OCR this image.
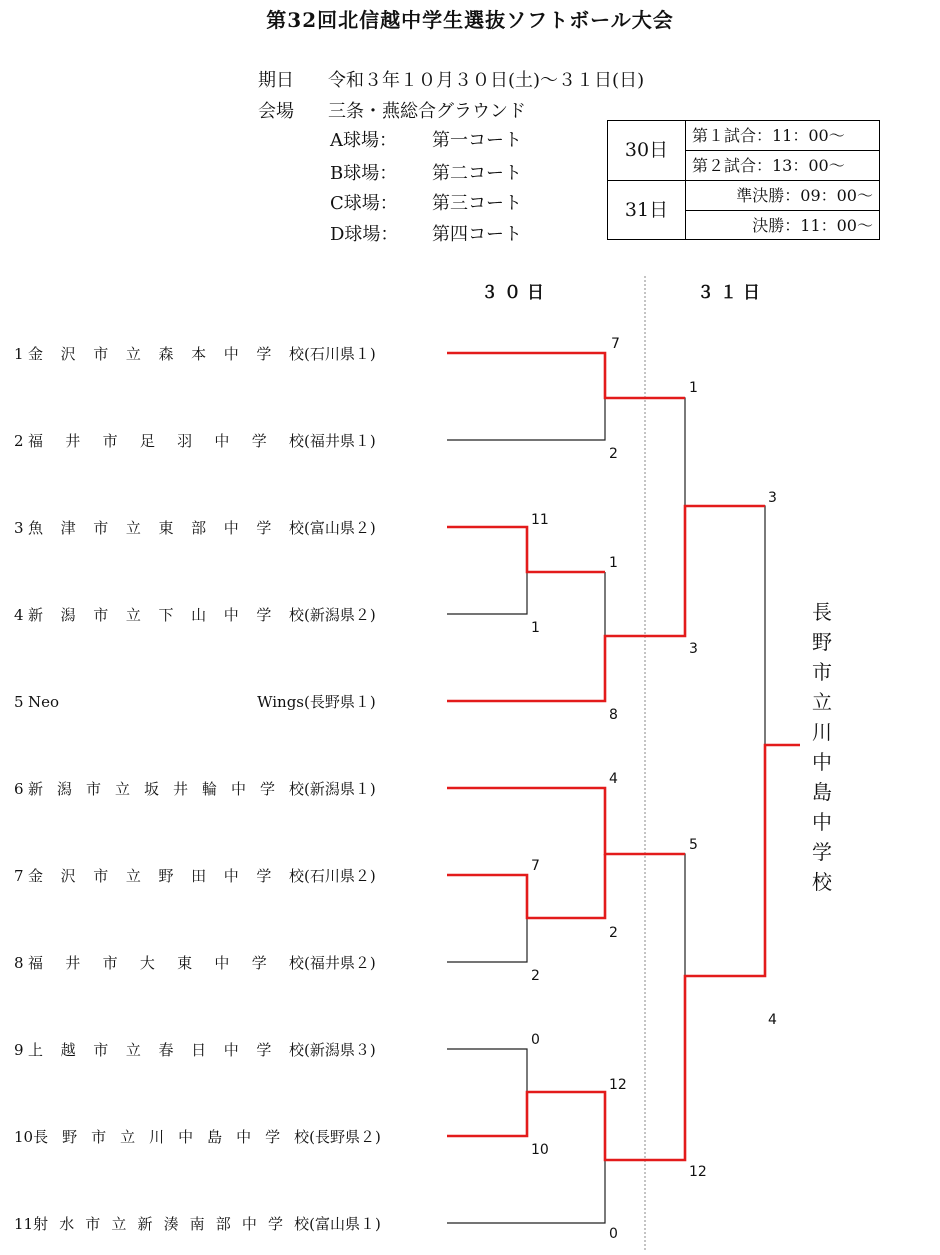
第32回北信越中学生選抜ソフトボール大会
期日 令和３年１０月３０日(土)～３１日(日)
会場 三条・燕総合グラウンド
A球場： 第一コート
B球場： 第二コート
C球場： 第三コート
D球場： 第四コート
30日
第１試合：11：00～
第２試合：13：00～
31日
準決勝：09：00～
決勝：11：00～
３０日	３１日
1 金沢市立森本中学校(石川県１)
2 福井市足羽中学校(福井県１)
3 魚津市立東部中学校(富山県２)
4 新潟市立下山中学校(新潟県２)
5 Neo Wings(長野県１)
6 新潟市立坂井輪中学校(新潟県１)
7 金沢市立野田中学校(石川県２)
8 福井市大東中学校(福井県２)
9 上越市立春日中学校(新潟県３)
10長野市立川中島中学校(長野県２)
11射水市立新湊南部中学校(富山県１)
7
2
11
1
1
8
4
7
2
2
0
10
12
0
1
3
5
12
3
4
長野市立川中島中学校
